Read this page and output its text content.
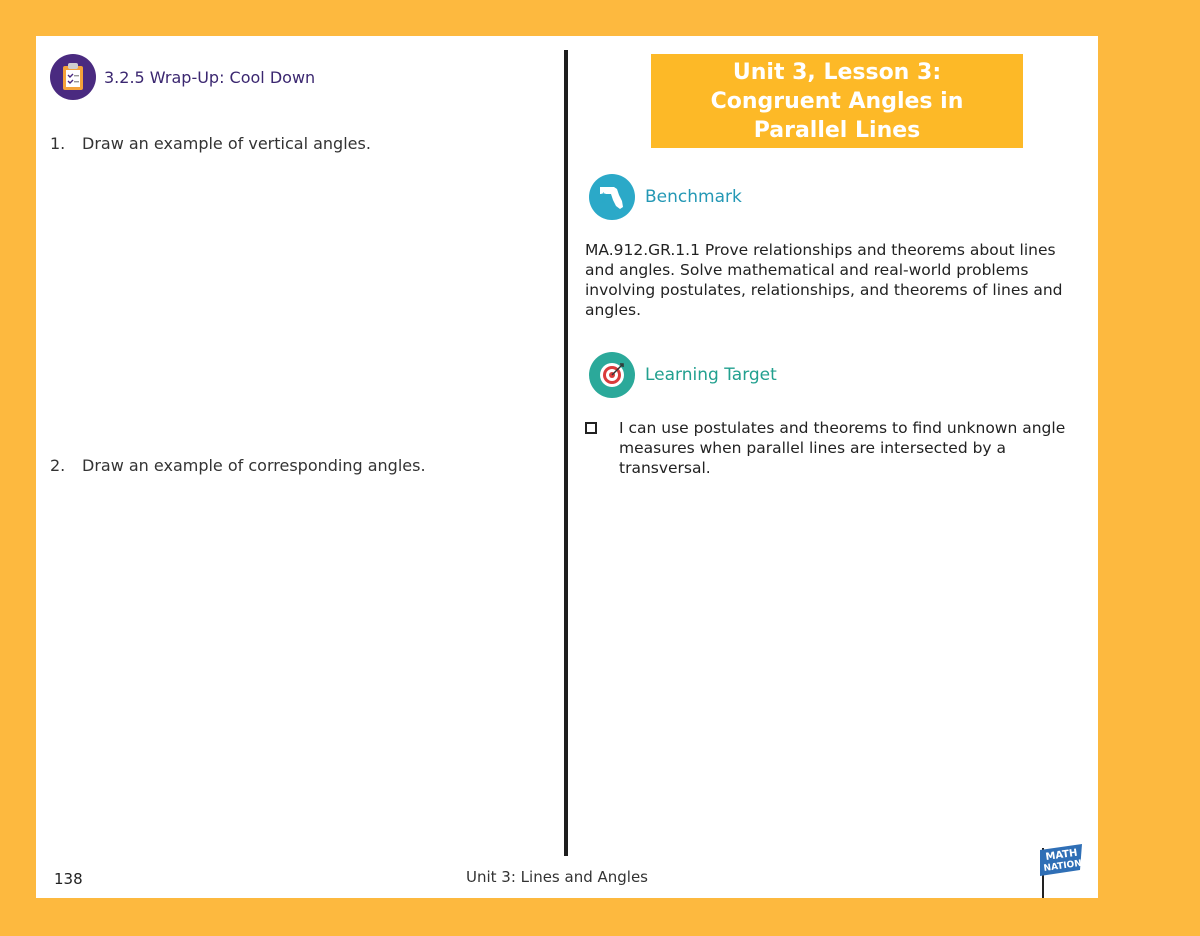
3.2.5 Wrap-Up: Cool Down
1.	Draw an example of vertical angles.
2.	Draw an example of corresponding angles.
Unit 3, Lesson 3:
Congruent Angles in
Parallel Lines
+ -
× ÷ Benchmark
MA.912.GR.1.1 Prove relationships and theorems about lines and angles. Solve mathematical and real-world problems involving postulates, relationships, and theorems of lines and angles.
Learning Target
I can use postulates and theorems to find unknown angle measures when parallel lines are intersected by a transversal.
138	Unit 3: Lines and Angles
MATH
NATION
